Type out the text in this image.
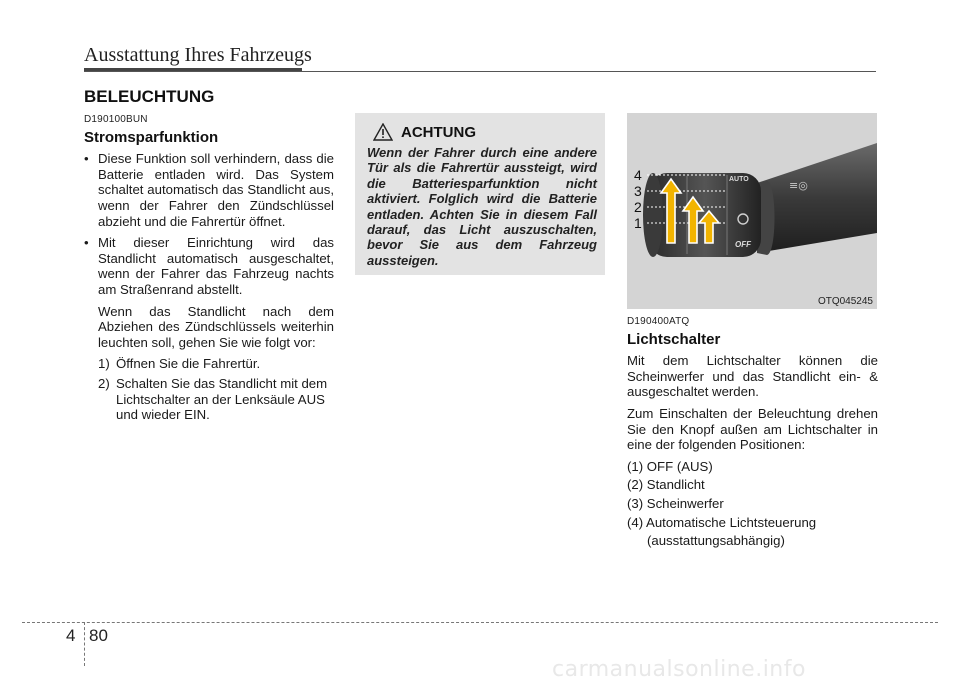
Ausstattung Ihres Fahrzeugs
BELEUCHTUNG
D190100BUN
Stromsparfunktion
• Diese Funktion soll verhindern, dass die Batterie entladen wird. Das System schaltet automatisch das Standlicht aus, wenn der Fahrer den Zündschlüssel abzieht und die Fahrertür öffnet.

• Mit dieser Einrichtung wird das Standlicht automatisch ausgeschaltet, wenn der Fahrer das Fahrzeug nachts am Straßenrand abstellt.

Wenn das Standlicht nach dem Abziehen des Zündschlüssels weiterhin leuchten soll, gehen Sie wie folgt vor:

1) Öffnen Sie die Fahrertür.
2) Schalten Sie das Standlicht mit dem Lichtschalter an der Lenksäule AUS und wieder EIN.
ACHTUNG
Wenn der Fahrer durch eine andere Tür als die Fahrertür aussteigt, wird die Batteriesparfunktion nicht aktiviert. Folglich wird die Batterie entladen. Achten Sie in diesem Fall darauf, das Licht auszuschalten, bevor Sie aus dem Fahrzeug aussteigen.
AUTO
OFF
≡◎
4
3
2
1
OTQ045245
D190400ATQ
Lichtschalter

Mit dem Lichtschalter können die Scheinwerfer und das Standlicht ein- & ausgeschaltet werden.

Zum Einschalten der Beleuchtung drehen Sie den Knopf außen am Lichtschalter in eine der folgenden Positionen:

(1) OFF (AUS)
(2) Standlicht
(3) Scheinwerfer
(4) Automatische Lichtsteuerung
(ausstattungsabhängig)
4 80
carmanualsonline.info
